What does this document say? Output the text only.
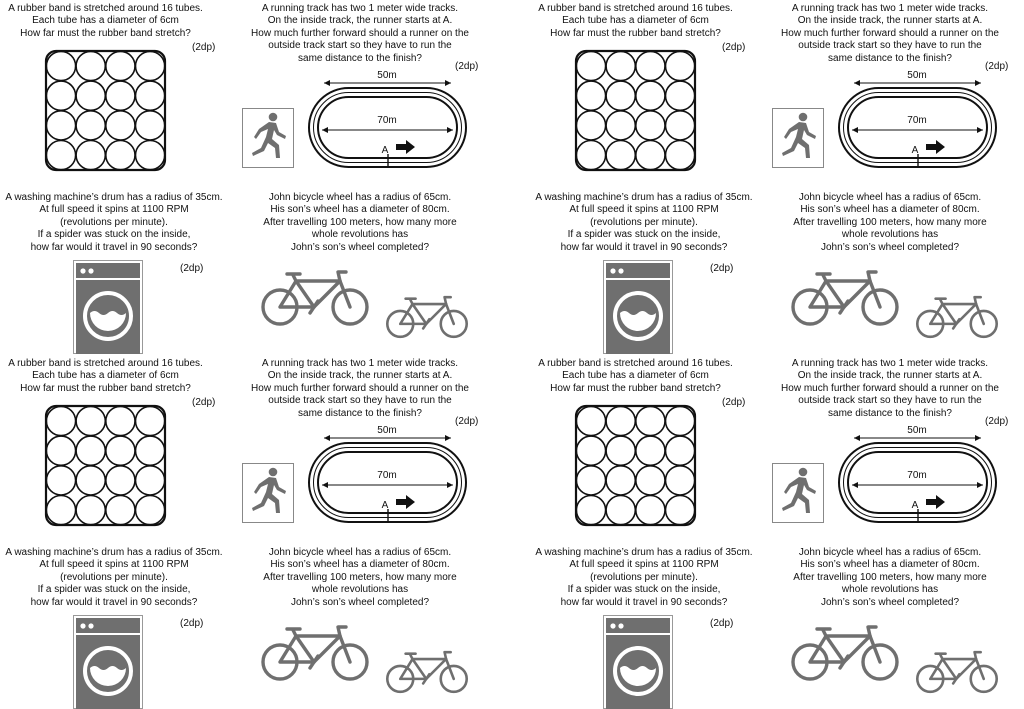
A rubber band is stretched around 16 tubes.
Each tube has a diameter of 6cm
How far must the rubber band stretch?
(2dp)
A running track has two 1 meter wide tracks.
On the inside track, the runner starts at A.
How much further forward should a runner on the
outside track start so they have to run the
same distance to the finish?
(2dp)
50m
70m
A
A washing machine’s drum has a radius of 35cm.
At full speed it spins at 1100 RPM
(revolutions per minute).
If a spider was stuck on the inside,
how far would it travel in 90 seconds?
(2dp)
John bicycle wheel has a radius of 65cm.
His son’s wheel has a diameter of 80cm.
After travelling 100 meters, how many more
whole revolutions has
John’s son’s wheel completed?
A rubber band is stretched around 16 tubes.
Each tube has a diameter of 6cm
How far must the rubber band stretch?
(2dp)
A running track has two 1 meter wide tracks.
On the inside track, the runner starts at A.
How much further forward should a runner on the
outside track start so they have to run the
same distance to the finish?
(2dp)
50m
70m
A
A washing machine’s drum has a radius of 35cm.
At full speed it spins at 1100 RPM
(revolutions per minute).
If a spider was stuck on the inside,
how far would it travel in 90 seconds?
(2dp)
John bicycle wheel has a radius of 65cm.
His son’s wheel has a diameter of 80cm.
After travelling 100 meters, how many more
whole revolutions has
John’s son’s wheel completed?
A rubber band is stretched around 16 tubes.
Each tube has a diameter of 6cm
How far must the rubber band stretch?
(2dp)
A running track has two 1 meter wide tracks.
On the inside track, the runner starts at A.
How much further forward should a runner on the
outside track start so they have to run the
same distance to the finish?
(2dp)
50m
70m
A
A washing machine’s drum has a radius of 35cm.
At full speed it spins at 1100 RPM
(revolutions per minute).
If a spider was stuck on the inside,
how far would it travel in 90 seconds?
(2dp)
John bicycle wheel has a radius of 65cm.
His son’s wheel has a diameter of 80cm.
After travelling 100 meters, how many more
whole revolutions has
John’s son’s wheel completed?
A rubber band is stretched around 16 tubes.
Each tube has a diameter of 6cm
How far must the rubber band stretch?
(2dp)
A running track has two 1 meter wide tracks.
On the inside track, the runner starts at A.
How much further forward should a runner on the
outside track start so they have to run the
same distance to the finish?
(2dp)
50m
70m
A
A washing machine’s drum has a radius of 35cm.
At full speed it spins at 1100 RPM
(revolutions per minute).
If a spider was stuck on the inside,
how far would it travel in 90 seconds?
(2dp)
John bicycle wheel has a radius of 65cm.
His son’s wheel has a diameter of 80cm.
After travelling 100 meters, how many more
whole revolutions has
John’s son’s wheel completed?
